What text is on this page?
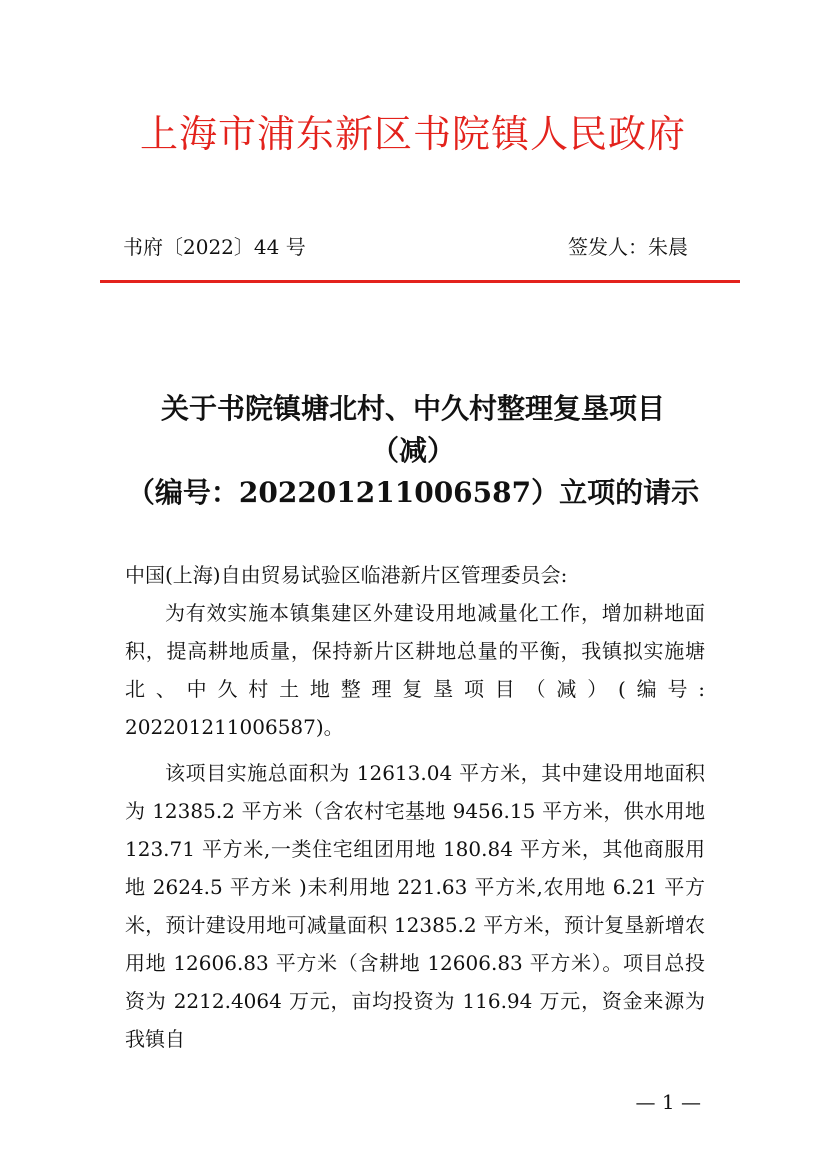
上海市浦东新区书院镇人民政府
书府〔2022〕44 号	签发人：朱晨
关于书院镇塘北村、中久村整理复垦项目
（减）
（编号：202201211006587）立项的请示

中国(上海)自由贸易试验区临港新片区管理委员会:

为有效实施本镇集建区外建设用地减量化工作，增加耕地面积，提高耕地质量，保持新片区耕地总量的平衡，我镇拟实施塘北、中久村土地整理复垦项目（减）(编号: 202201211006587)。

该项目实施总面积为 12613.04 平方米，其中建设用地面积为 12385.2 平方米（含农村宅基地 9456.15 平方米，供水用地 123.71 平方米,一类住宅组团用地 180.84 平方米，其他商服用地 2624.5 平方米 )未利用地 221.63 平方米,农用地 6.21 平方米，预计建设用地可减量面积 12385.2 平方米，预计复垦新增农用地 12606.83 平方米（含耕地 12606.83 平方米）。项目总投资为 2212.4064 万元，亩均投资为 116.94 万元，资金来源为我镇自

— 1 —
